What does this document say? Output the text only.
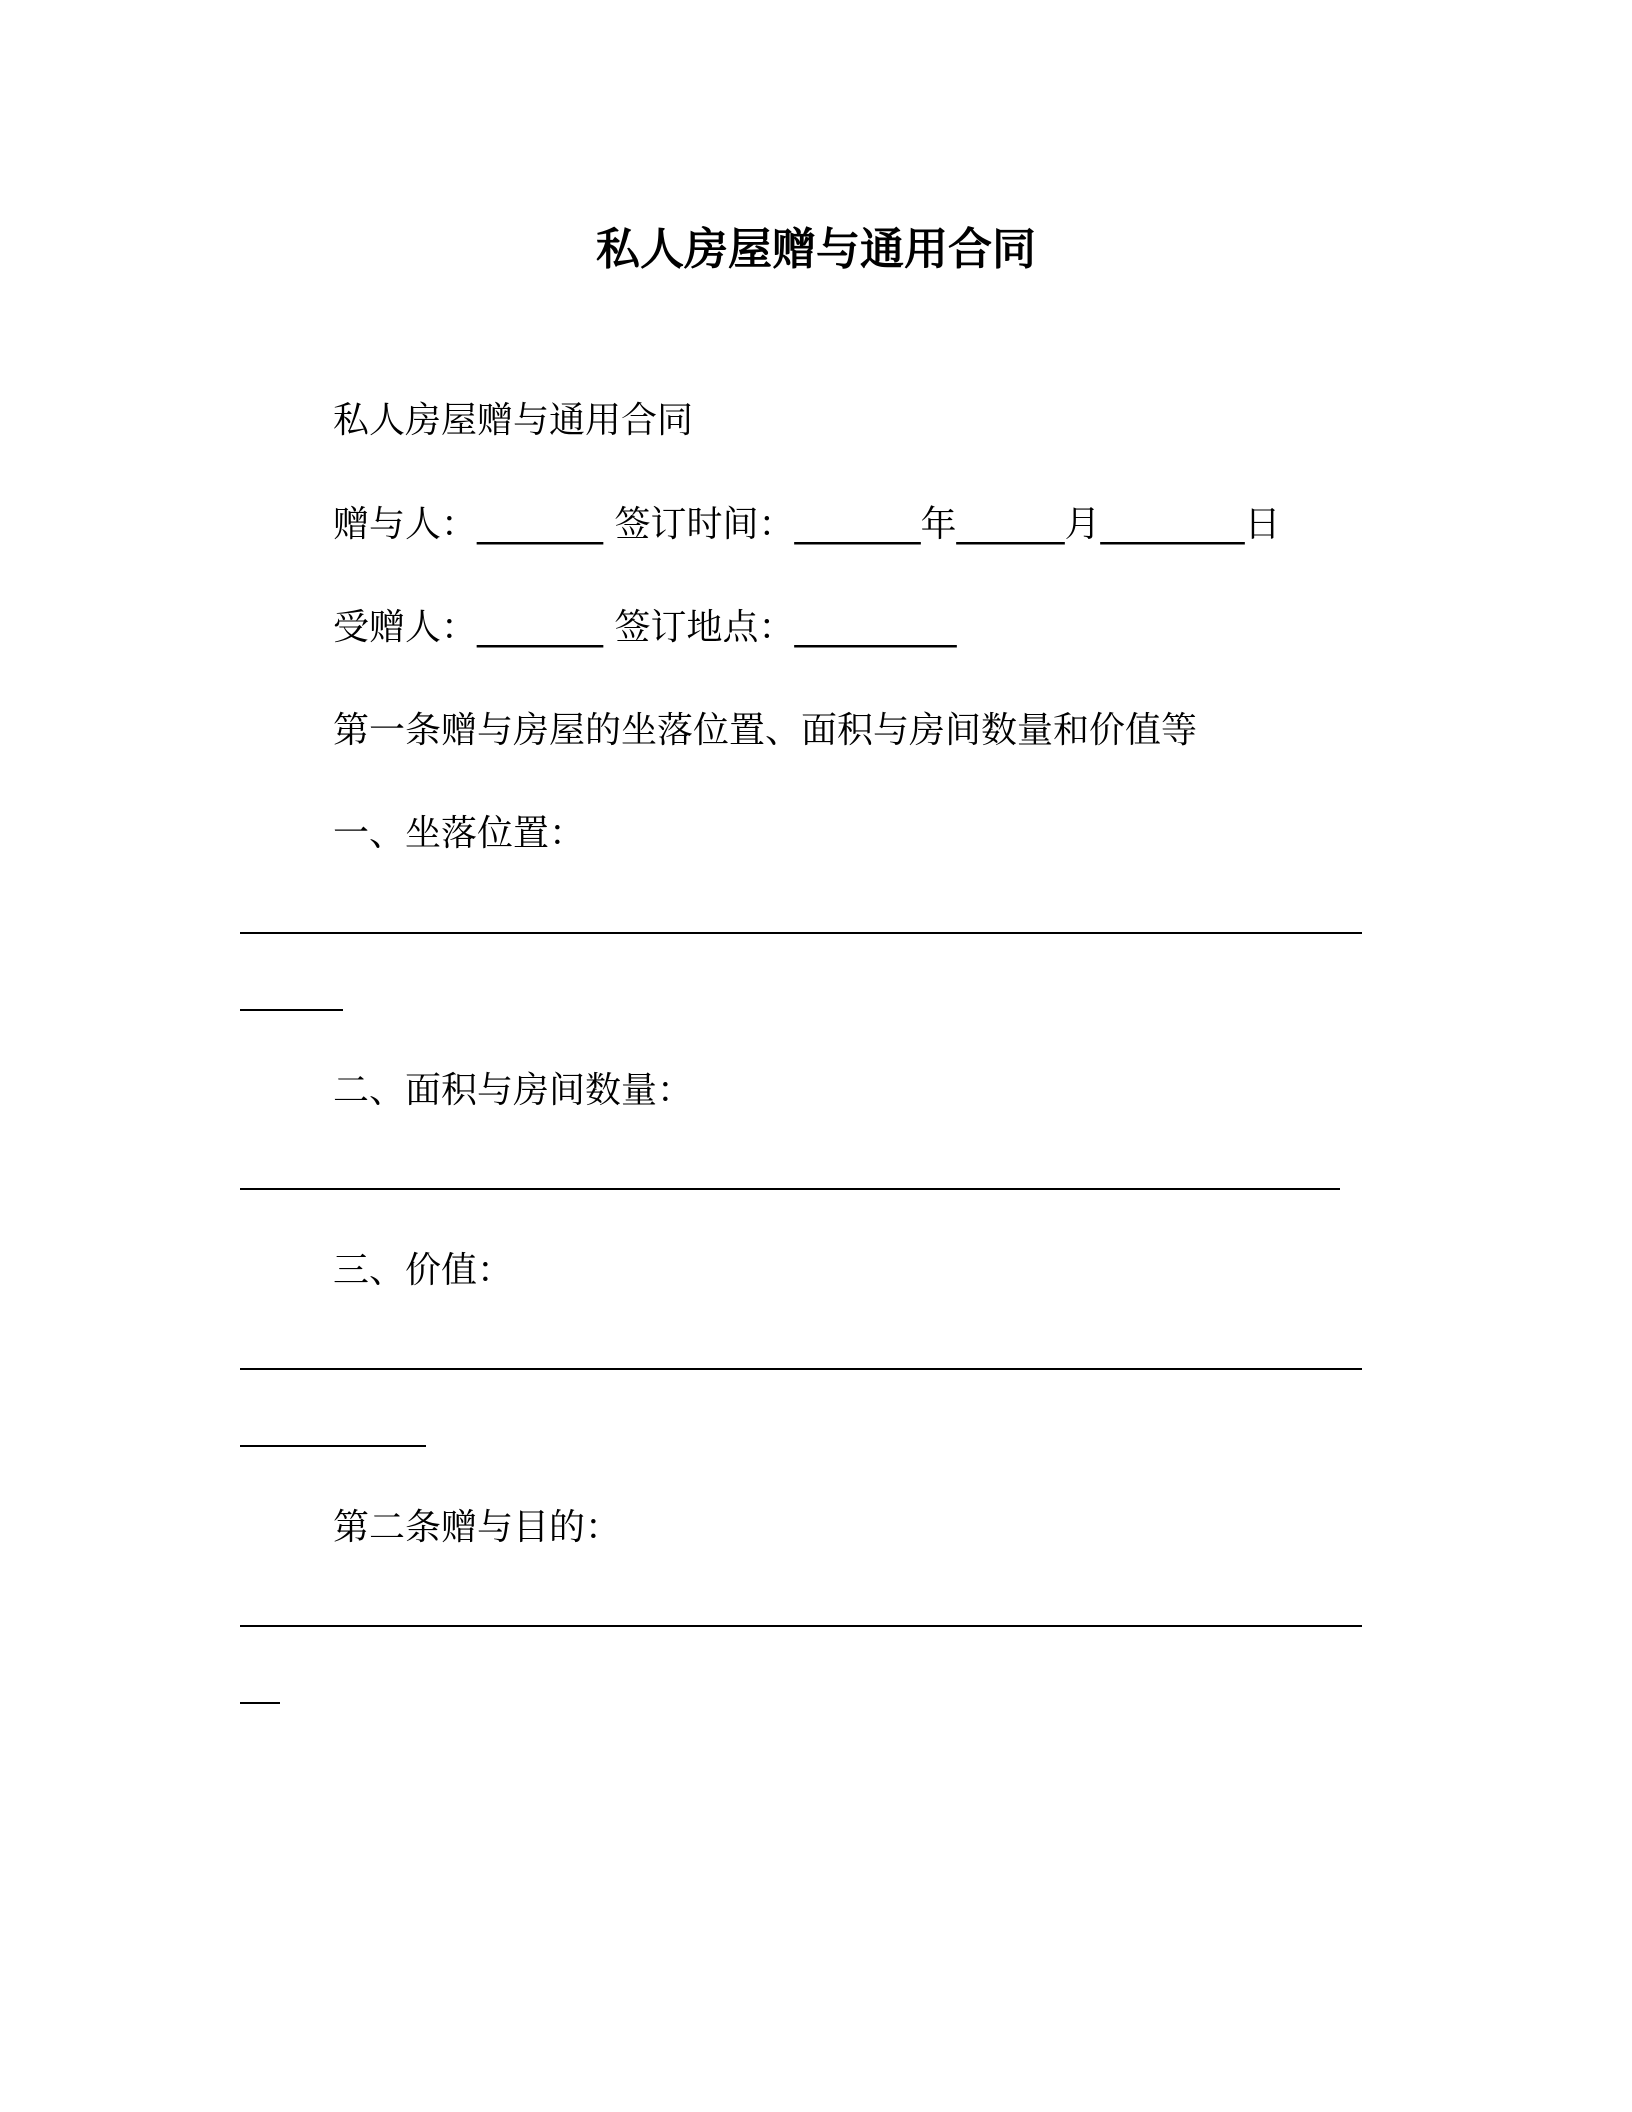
私人房屋赠与通用合同
私人房屋赠与通用合同
赠与人：_______ 签订时间：_______年______月________日
受赠人：_______ 签订地点：_________
第一条赠与房屋的坐落位置、面积与房间数量和价值等
一、坐落位置：
二、面积与房间数量：
三、价值：
第二条赠与目的：
